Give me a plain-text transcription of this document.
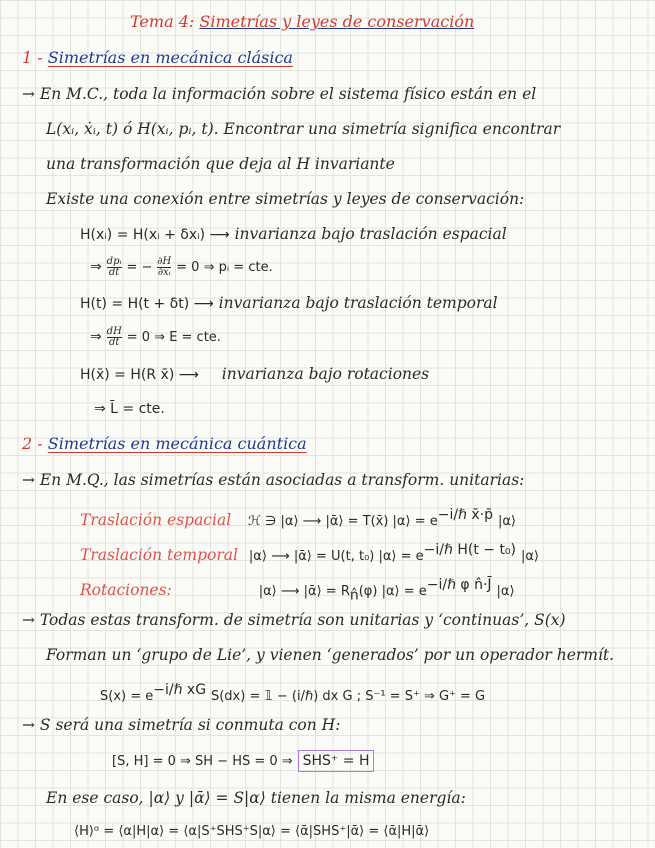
Tema 4: Simetrías y leyes de conservación
1 - Simetrías en mecánica clásica
→ En M.C., toda la información sobre el sistema físico están en el
L(xᵢ, ẋᵢ, t) ó H(xᵢ, pᵢ, t). Encontrar una simetría significa encontrar
una transformación que deja al H invariante
Existe una conexión entre simetrías y leyes de conservación:
H(xᵢ) = H(xᵢ + δxᵢ) ⟶ invarianza bajo traslación espacial
⇒ $\frac{\text{dpᵢ}}{dt}$ = − $\frac{\partial H}{\text{∂xᵢ}} = 0$ ⇒ pᵢ = cte.
H(t) = H(t + δt) ⟶ invarianza bajo traslación temporal
⇒ $\frac{dH}{dt} = 0$ ⇒ E = cte.
H(x̄) = H(R x̄) ⟶ invarianza bajo rotaciones
⇒ L̄ = cte.
2 - Simetrías en mecánica cuántica
→ En M.Q., las simetrías están asociadas a transform. unitarias:
Traslación espacial ℋ ∋ |α⟩ ⟶ |ᾱ⟩ = T(x̄) |α⟩ = $e^{-i/\hbar x̄\cdot p̄}$ |α⟩
Traslación temporal |α⟩ ⟶ |ᾱ⟩ = U(t, t₀) |α⟩ = $e^{-i/\hbar H(t - t_0)}$ |α⟩
Rotaciones:	|α⟩ ⟶ |ᾱ⟩ = $R_{n̂}(\varphi)$ |α⟩ = $e^{-i/\hbar \varphi n̂\cdot J̄}$ |α⟩
→ Todas estas transform. de simetría son unitarias y ‘continuas’, S(x)
Forman un ‘grupo de Lie’, y vienen ‘generados’ por un operador hermít.
$S(x) = e^{-i/\hbar xG}$ S(dx) = 𝟙 − (i/ℏ) dx G ; S⁻¹ = S⁺ ⇒ G⁺ = G
→ S será una simetría si conmuta con H:
[S, H] = 0 ⇒ SH − HS = 0 ⇒ SHS⁺ = H
En ese caso, |α⟩ y |ᾱ⟩ = S|α⟩ tienen la misma energía:
⟨H⟩ᵅ = ⟨α|H|α⟩ = ⟨α|S⁺SHS⁺S|α⟩ = ⟨ᾱ|SHS⁺|ᾱ⟩ = ⟨ᾱ|H|ᾱ⟩
